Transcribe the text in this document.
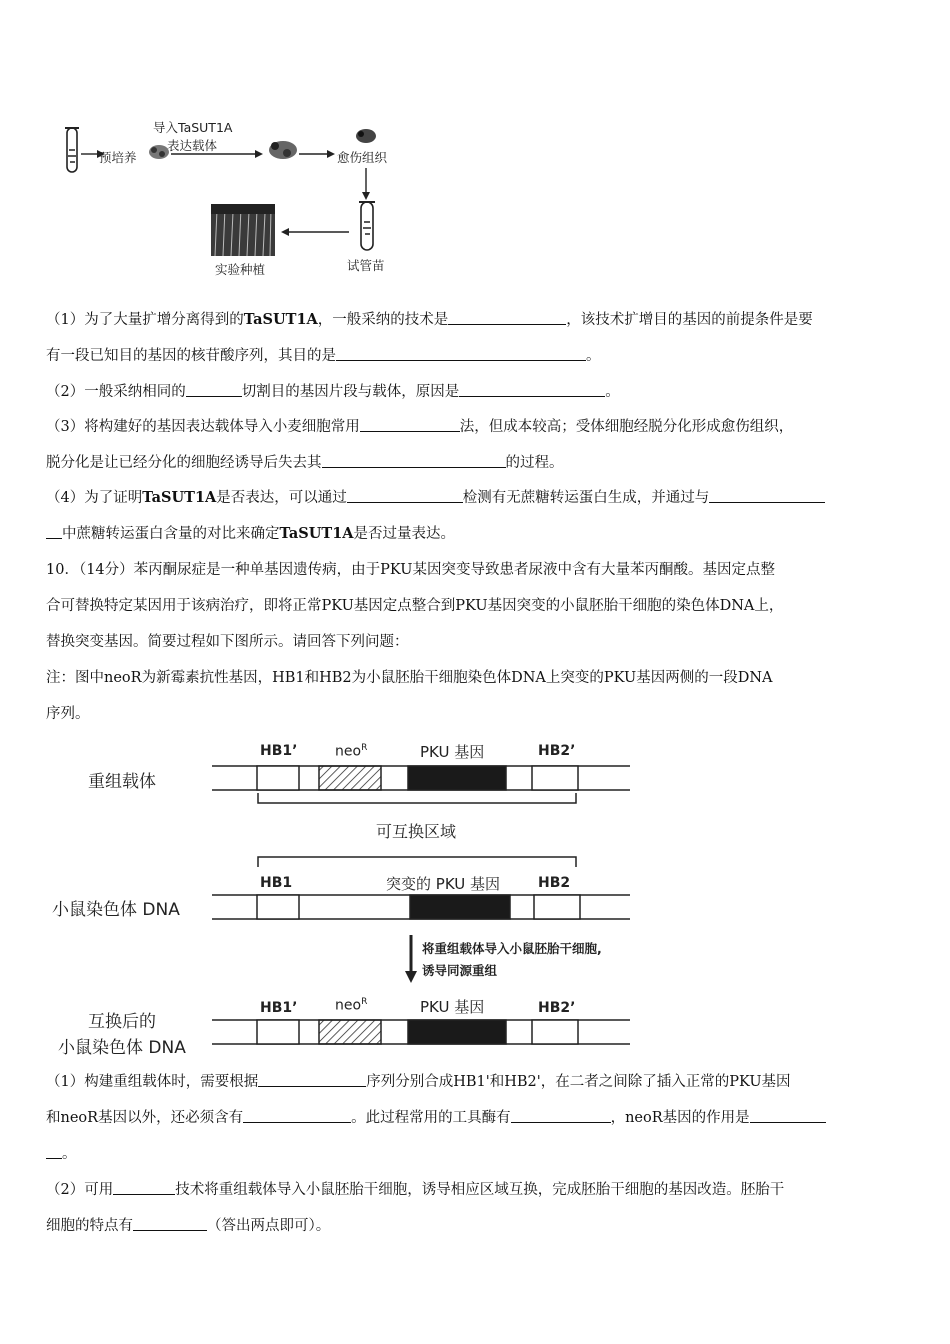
导入TaSUT1A
表达载体
预培养	愈伤组织
试管苗
实验种植
（1）为了大量扩增分离得到的TaSUT1A，一般采纳的技术是	，该技术扩增目的基因的前提条件是要
有一段已知目的基因的核苷酸序列，其目的是	。
（2）一般采纳相同的	切割目的基因片段与载体，原因是	。
（3）将构建好的基因表达载体导入小麦细胞常用	法，但成本较高；受体细胞经脱分化形成愈伤组织，
脱分化是让已经分化的细胞经诱导后失去其	的过程。
（4）为了证明TaSUT1A是否表达，可以通过	检测有无蔗糖转运蛋白生成，并通过与
中蔗糖转运蛋白含量的对比来确定TaSUT1A是否过量表达。
10．（14分）苯丙酮尿症是一种单基因遗传病，由于PKU某因突变导致患者尿液中含有大量苯丙酮酸。基因定点整
合可替换特定某因用于该病治疗，即将正常PKU基因定点整合到PKU基因突变的小鼠胚胎干细胞的染色体DNA上，
替换突变基因。简要过程如下图所示。请回答下列问题：
注：图中neoR为新霉素抗性基因，HB1和HB2为小鼠胚胎干细胞染色体DNA上突变的PKU基因两侧的一段DNA
序列。
重组载体
HB1’	neo$^R$	PKU 基因	HB2’
可互换区域
小鼠染色体 DNA
HB1	突变的 PKU 基因	HB2
将重组载体导入小鼠胚胎干细胞,
诱导同源重组
互换后的
小鼠染色体 DNA
HB1’	neo$^R$	PKU 基因	HB2’
（1）构建重组载体时，需要根据	序列分别合成HB1'和HB2'，在二者之间除了插入正常的PKU基因
和neoR基因以外，还必须含有	。此过程常用的工具酶有	，neoR基因的作用是
。
（2）可用	技术将重组载体导入小鼠胚胎干细胞，诱导相应区域互换，完成胚胎干细胞的基因改造。胚胎干
细胞的特点有	（答出两点即可）。
